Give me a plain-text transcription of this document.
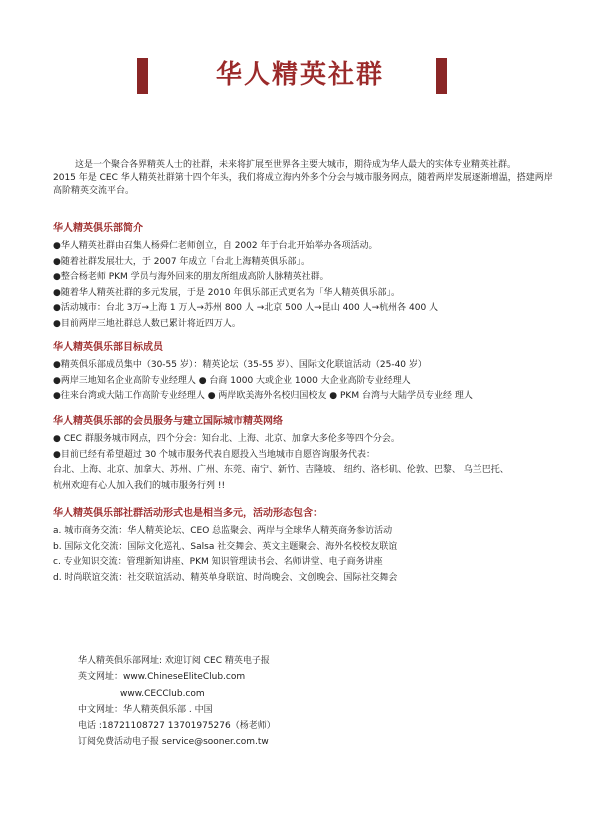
华人精英社群

这是一个聚合各界精英人士的社群，未来将扩展至世界各主要大城市，期待成为华人最大的实体专业精英社群。

2015 年是 CEC 华人精英社群第十四个年头，我们将成立海内外多个分会与城市服务网点，随着两岸发展逐渐增温，搭建两岸高阶精英交流平台。

华人精英俱乐部简介

●华人精英社群由召集人杨舜仁老师创立，自 2002 年于台北开始举办各项活动。

●随着社群发展壮大，于 2007 年成立「台北上海精英俱乐部」。

●整合杨老师 PKM 学员与海外回来的朋友所组成高阶人脉精英社群。

●随着华人精英社群的多元发展，于是 2010 年俱乐部正式更名为「华人精英俱乐部」。

●活动城市：台北 3万→上海 1 万人→苏州 800 人 →北京 500 人→昆山 400 人→杭州各 400 人

●目前两岸三地社群总人数已累计将近四万人。

华人精英俱乐部目标成员

●精英俱乐部成员集中（30-55 岁）：精英论坛（35-55 岁）、国际文化联谊活动（25-40 岁）

●两岸三地知名企业高阶专业经理人 ● 台商 1000 大或企业 1000 大企业高阶专业经理人

●往来台湾或大陆工作高阶专业经理人 ● 两岸欧美海外名校归国校友 ● PKM 台湾与大陆学员专业经 理人

华人精英俱乐部的会员服务与建立国际城市精英网络

● CEC 群服务城市网点，四个分会：知台北、上海、北京、加拿大多伦多等四个分会。

●目前已经有希望超过 30 个城市服务代表自愿投入当地城市自愿咨询服务代表：

台北、上海、北京、加拿大、苏州、广州、东莞、南宁、新竹、吉隆坡、 纽约、洛杉矶、伦敦、巴黎、 乌兰巴托、

杭州欢迎有心人加入我们的城市服务行列 !!

华人精英俱乐部社群活动形式也是相当多元，活动形态包含：

a. 城市商务交流：华人精英论坛、CEO 总监聚会、两岸与全球华人精英商务参访活动

b. 国际文化交流：国际文化巡礼、Salsa 社交舞会、英文主题聚会、海外名校校友联谊

c. 专业知识交流：管理新知讲座、PKM 知识管理读书会、名师讲堂、电子商务讲座

d. 时尚联谊交流：社交联谊活动、精英单身联谊、时尚晚会、文创晚会、国际社交舞会

华人精英俱乐部网址: 欢迎订阅 CEC 精英电子报

英文网址：www.ChineseEliteClub.com

www.CECClub.com

中文网址：华人精英俱乐部 . 中国

电话 :18721108727 13701975276（杨老师）

订阅免费活动电子报 service@sooner.com.tw
